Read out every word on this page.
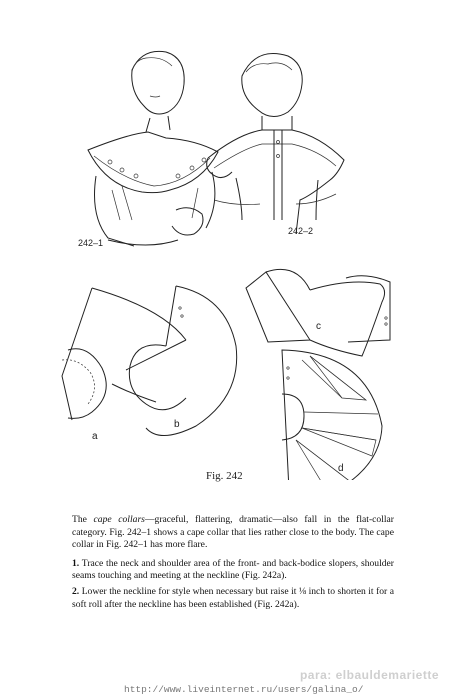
242–1
242–2
a
b
c
d
Fig. 242

The cape collars—graceful, flattering, dramatic—also fall in the flat-collar category. Fig. 242–1 shows a cape collar that lies rather close to the body. The cape collar in Fig. 242–1 has more flare.

1. Trace the neck and shoulder area of the front- and back-bodice slopers, shoulder seams touching and meeting at the neckline (Fig. 242a).

2. Lower the neckline for style when necessary but raise it ⅛ inch to shorten it for a soft roll after the neckline has been established (Fig. 242a).

para: elbauldemariette
http://www.liveinternet.ru/users/galina_o/
